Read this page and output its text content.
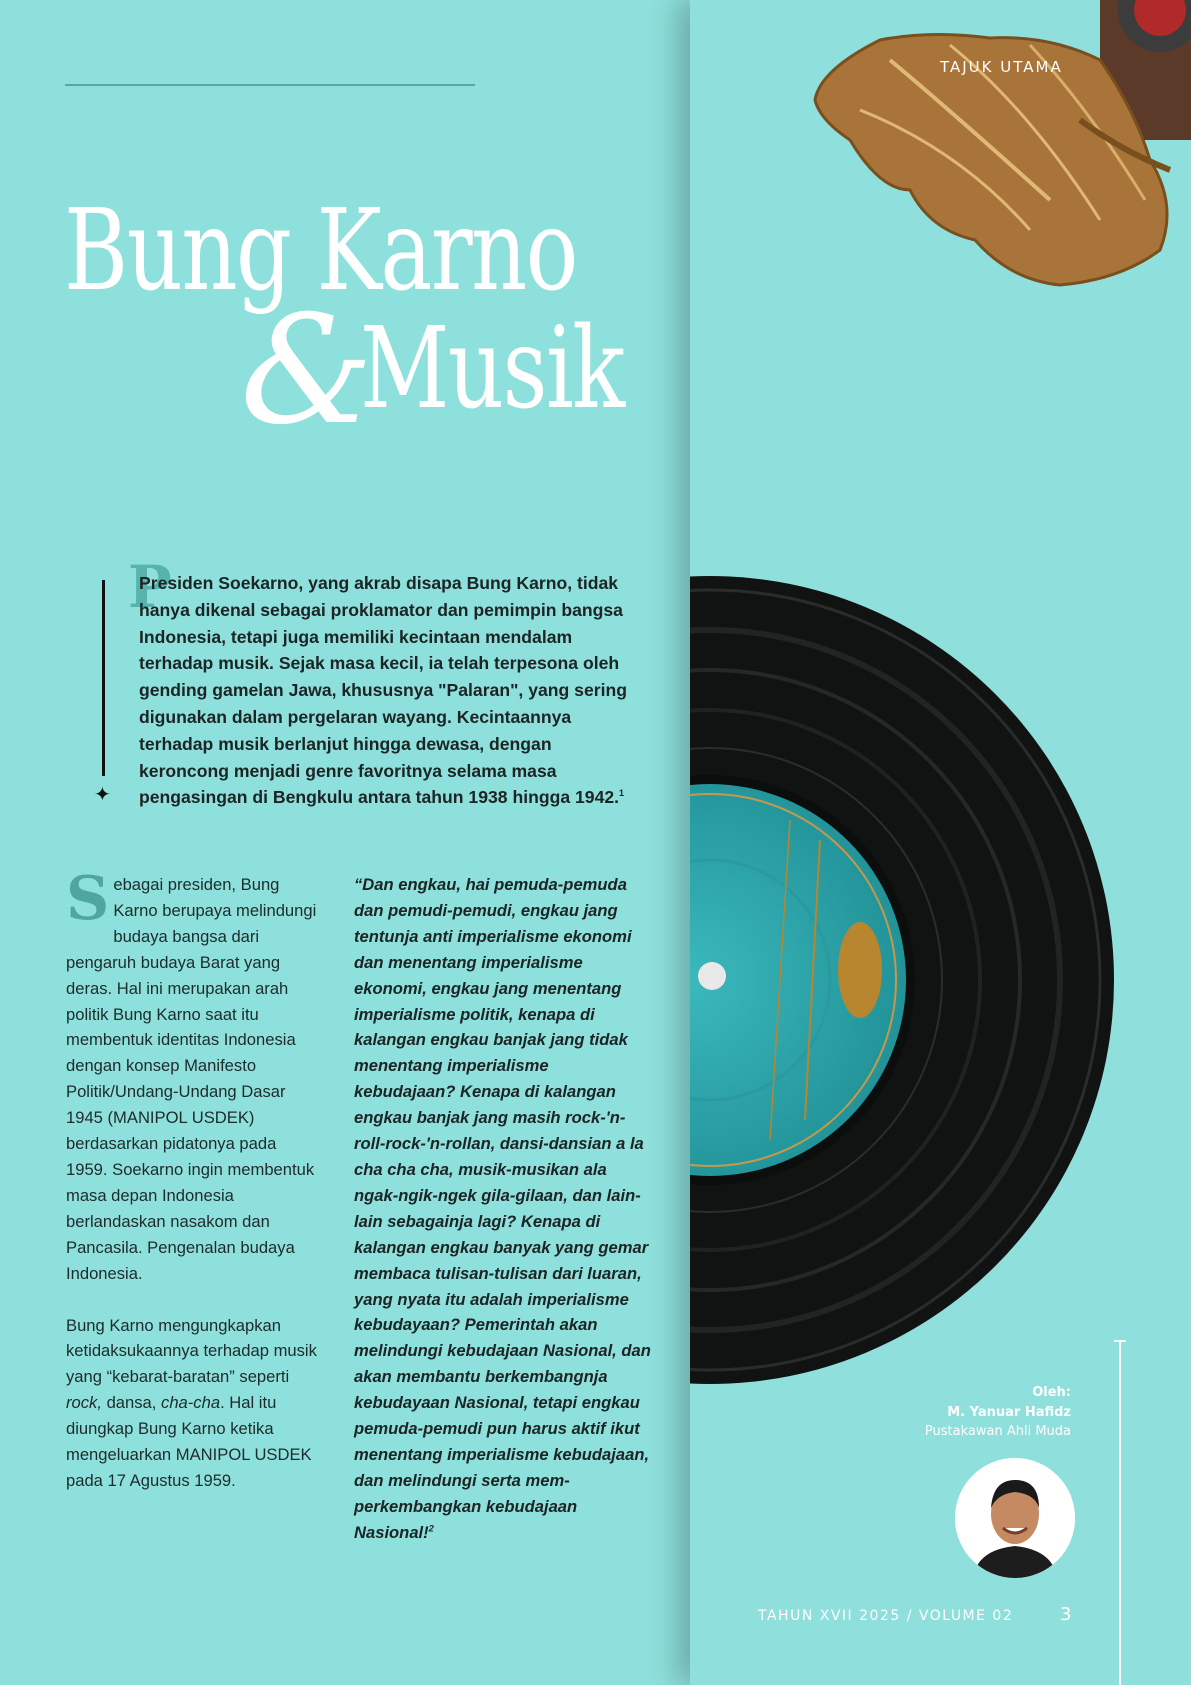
TAJUK UTAMA
Bung Karno
&
Musik
✦
P

Presiden Soekarno, yang akrab disapa Bung Karno, tidak hanya dikenal sebagai proklamator dan pemimpin bangsa Indonesia, tetapi juga memiliki kecintaan mendalam terhadap musik. Sejak masa kecil, ia telah terpesona oleh gending gamelan Jawa, khususnya "Palaran", yang sering digunakan dalam pergelaran wayang. Kecintaannya terhadap musik berlanjut hingga dewasa, dengan keroncong menjadi genre favoritnya selama masa pengasingan di Bengkulu antara tahun 1938 hingga 1942.$^1$

Sebagai presiden, Bung Karno berupaya melindungi budaya bangsa dari pengaruh budaya Barat yang deras. Hal ini merupakan arah politik Bung Karno saat itu membentuk identitas Indonesia dengan konsep Manifesto Politik/Undang-Undang Dasar 1945 (MANIPOL USDEK) berdasarkan pidatonya pada 1959. Soekarno ingin membentuk masa depan Indonesia berlandaskan nasakom dan Pancasila. Pengenalan budaya Indonesia.

Bung Karno mengungkapkan ketidaksukaannya terhadap musik yang “kebarat-baratan” seperti rock, dansa, cha-cha. Hal itu diungkap Bung Karno ketika mengeluarkan MANIPOL USDEK pada 17 Agustus 1959.

“Dan engkau, hai pemuda-pemuda dan pemudi-pemudi, engkau jang tentunja anti imperialisme ekonomi dan menentang imperialisme ekonomi, engkau jang menentang imperialisme politik, kenapa di kalangan engkau banjak jang tidak menentang imperialisme kebudajaan? Kenapa di kalangan engkau banjak jang masih rock-'n-roll-rock-'n-rollan, dansi-dansian a la cha cha cha, musik-musikan ala ngak-ngik-ngek gila-gilaan, dan lain-lain sebagainja lagi? Kenapa di kalangan engkau banyak yang gemar membaca tulisan-tulisan dari luaran, yang nyata itu adalah imperialisme kebudayaan? Pemerintah akan melindungi kebudajaan Nasional, dan akan membantu berkembangnja kebudayaan Nasional, tetapi engkau pemuda-pemudi pun harus aktif ikut menentang imperialisme kebudajaan, dan melindungi serta mem-perkembangkan kebudajaan Nasional!$^2$

Oleh:
M. Yanuar Hafidz
Pustakawan Ahli Muda
TAHUN XVII 2025 / VOLUME 02	3
